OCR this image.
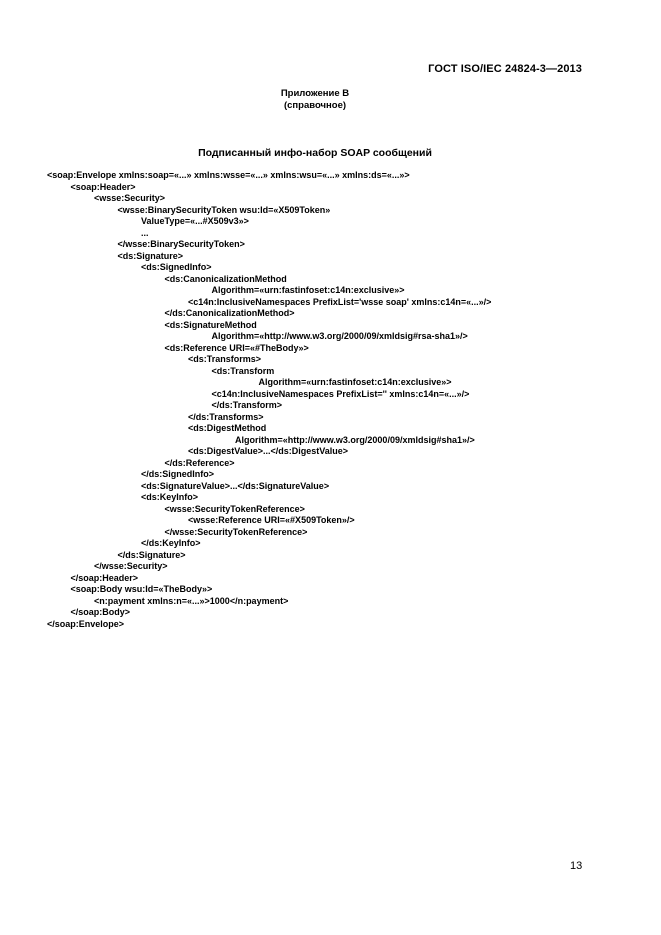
ГОСТ ISO/IEC 24824-3—2013
Приложение В
(справочное)
Подписанный инфо-набор SOAP сообщений
<soap:Envelope xmlns:soap=«...» xmlns:wsse=«...» xmlns:wsu=«...» xmlns:ds=«...»>
<soap:Header>
<wsse:Security>
<wsse:BinarySecurityToken wsu:Id=«X509Token»
ValueType=«...#X509v3»>
...
</wsse:BinarySecurityToken>
<ds:Signature>
<ds:SignedInfo>
<ds:CanonicalizationMethod
Algorithm=«urn:fastinfoset:c14n:exclusive»>
<c14n:InclusiveNamespaces PrefixList='wsse soap' xmlns:c14n=«...»/>
</ds:CanonicalizationMethod>
<ds:SignatureMethod
Algorithm=«http://www.w3.org/2000/09/xmldsig#rsa-sha1»/>
<ds:Reference URI=«#TheBody»>
<ds:Transforms>
<ds:Transform
Algorithm=«urn:fastinfoset:c14n:exclusive»>
<c14n:InclusiveNamespaces PrefixList='' xmlns:c14n=«...»/>
</ds:Transform>
</ds:Transforms>
<ds:DigestMethod
Algorithm=«http://www.w3.org/2000/09/xmldsig#sha1»/>
<ds:DigestValue>...</ds:DigestValue>
</ds:Reference>
</ds:SignedInfo>
<ds:SignatureValue>...</ds:SignatureValue>
<ds:KeyInfo>
<wsse:SecurityTokenReference>
<wsse:Reference URI=«#X509Token»/>
</wsse:SecurityTokenReference>
</ds:KeyInfo>
</ds:Signature>
</wsse:Security>
</soap:Header>
<soap:Body wsu:Id=«TheBody»>
<n:payment xmlns:n=«...»>1000</n:payment>
</soap:Body>
</soap:Envelope>
13
